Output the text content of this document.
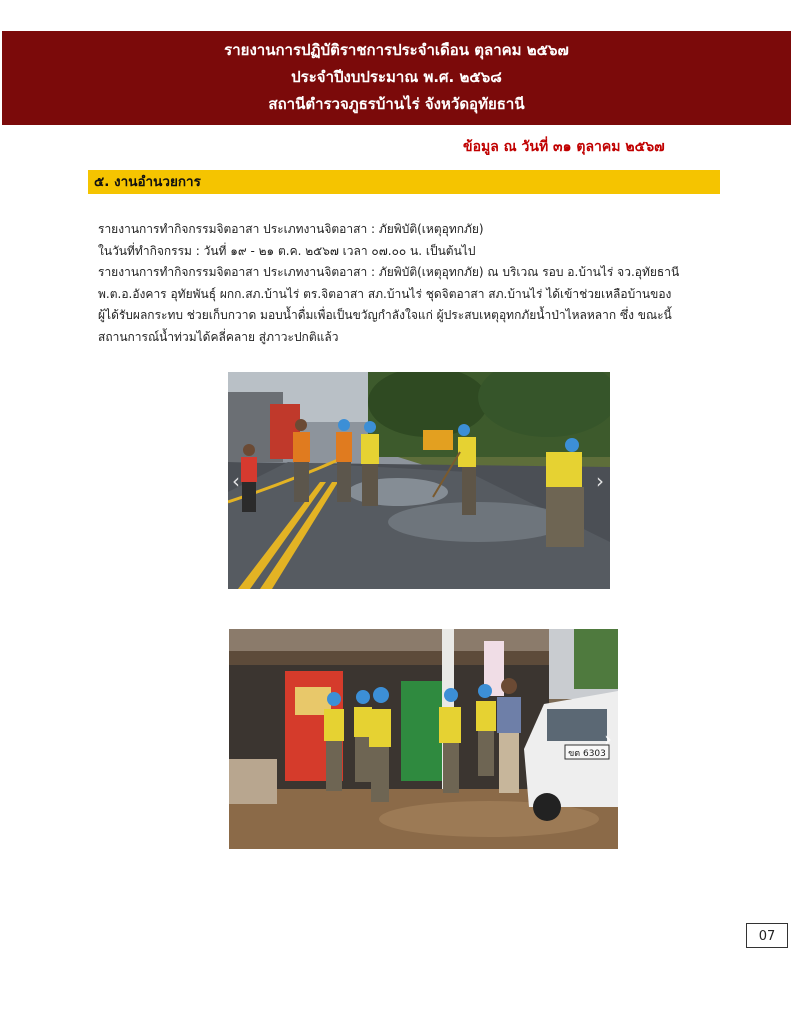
รายงานการปฏิบัติราชการประจำเดือน ตุลาคม ๒๕๖๗
ประจำปีงบประมาณ พ.ศ. ๒๕๖๘
สถานีตำรวจภูธรบ้านไร่ จังหวัดอุทัยธานี
ข้อมูล ณ วันที่ ๓๑ ตุลาคม ๒๕๖๗
๕. งานอำนวยการ

รายงานการทำกิจกรรมจิตอาสา ประเภทงานจิตอาสา : ภัยพิบัติ(เหตุอุทกภัย)

ในวันที่ทำกิจกรรม : วันที่ ๑๙ - ๒๑ ต.ค. ๒๕๖๗ เวลา ๐๗.๐๐ น. เป็นต้นไป

รายงานการทำกิจกรรมจิตอาสา ประเภทงานจิตอาสา : ภัยพิบัติ(เหตุอุทกภัย) ณ บริเวณ รอบ อ.บ้านไร่ จว.อุทัยธานี

พ.ต.อ.อังคาร อุทัยพันธุ์ ผกก.สภ.บ้านไร่ ตร.จิตอาสา สภ.บ้านไร่ ชุดจิตอาสา สภ.บ้านไร่ ได้เข้าช่วยเหลือบ้านของ

ผู้ได้รับผลกระทบ ช่วยเก็บกวาด มอบน้ำดื่มเพื่อเป็นขวัญกำลังใจแก่ ผู้ประสบเหตุอุทกภัยน้ำป่าไหลหลาก ซึ่ง ขณะนี้

สถานการณ์น้ำท่วมได้คลี่คลาย สู่ภาวะปกติแล้ว

‹	›
ขต 6303
›
07
